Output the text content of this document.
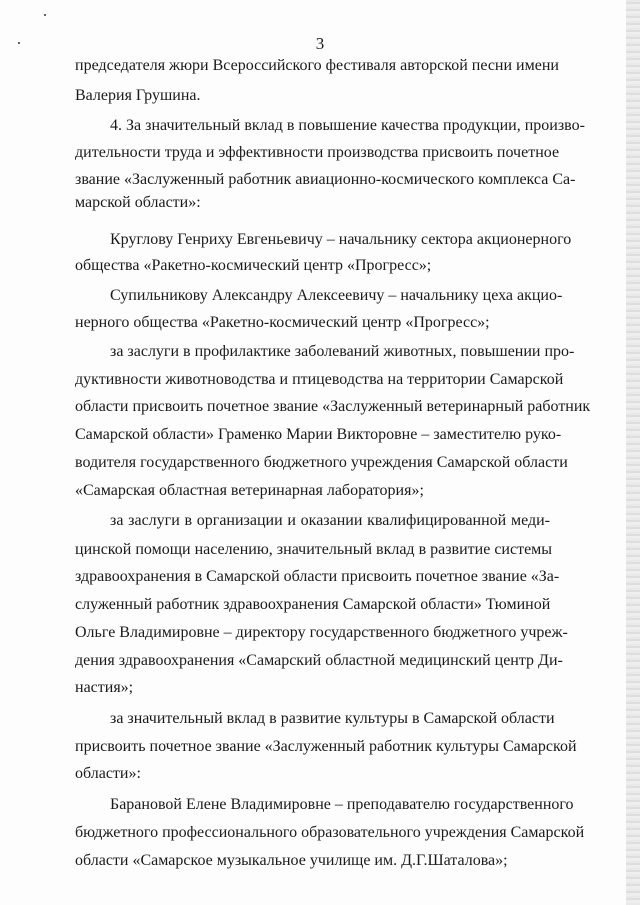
3
председателя жюри Всероссийского фестиваля авторской песни имени
Валерия Грушина.
4. За значительный вклад в повышение качества продукции, произво-
дительности труда и эффективности производства присвоить почетное
звание «Заслуженный работник авиационно-космического комплекса Са-
марской области»:
Круглову Генриху Евгеньевичу – начальнику сектора акционерного
общества «Ракетно-космический центр «Прогресс»;
Супильникову Александру Алексеевичу – начальнику цеха акцио-
нерного общества «Ракетно-космический центр «Прогресс»;
за заслуги в профилактике заболеваний животных, повышении про-
дуктивности животноводства и птицеводства на территории Самарской
области присвоить почетное звание «Заслуженный ветеринарный работник
Самарской области» Граменко Марии Викторовне – заместителю руко-
водителя государственного бюджетного учреждения Самарской области
«Самарская областная ветеринарная лаборатория»;
за заслуги в организации и оказании квалифицированной меди-
цинской помощи населению, значительный вклад в развитие системы
здравоохранения в Самарской области присвоить почетное звание «За-
служенный работник здравоохранения Самарской области» Тюминой
Ольге Владимировне – директору государственного бюджетного учреж-
дения здравоохранения «Самарский областной медицинский центр Ди-
настия»;
за значительный вклад в развитие культуры в Самарской области
присвоить почетное звание «Заслуженный работник культуры Самарской
области»:
Барановой Елене Владимировне – преподавателю государственного
бюджетного профессионального образовательного учреждения Самарской
области «Самарское музыкальное училище им. Д.Г.Шаталова»;
